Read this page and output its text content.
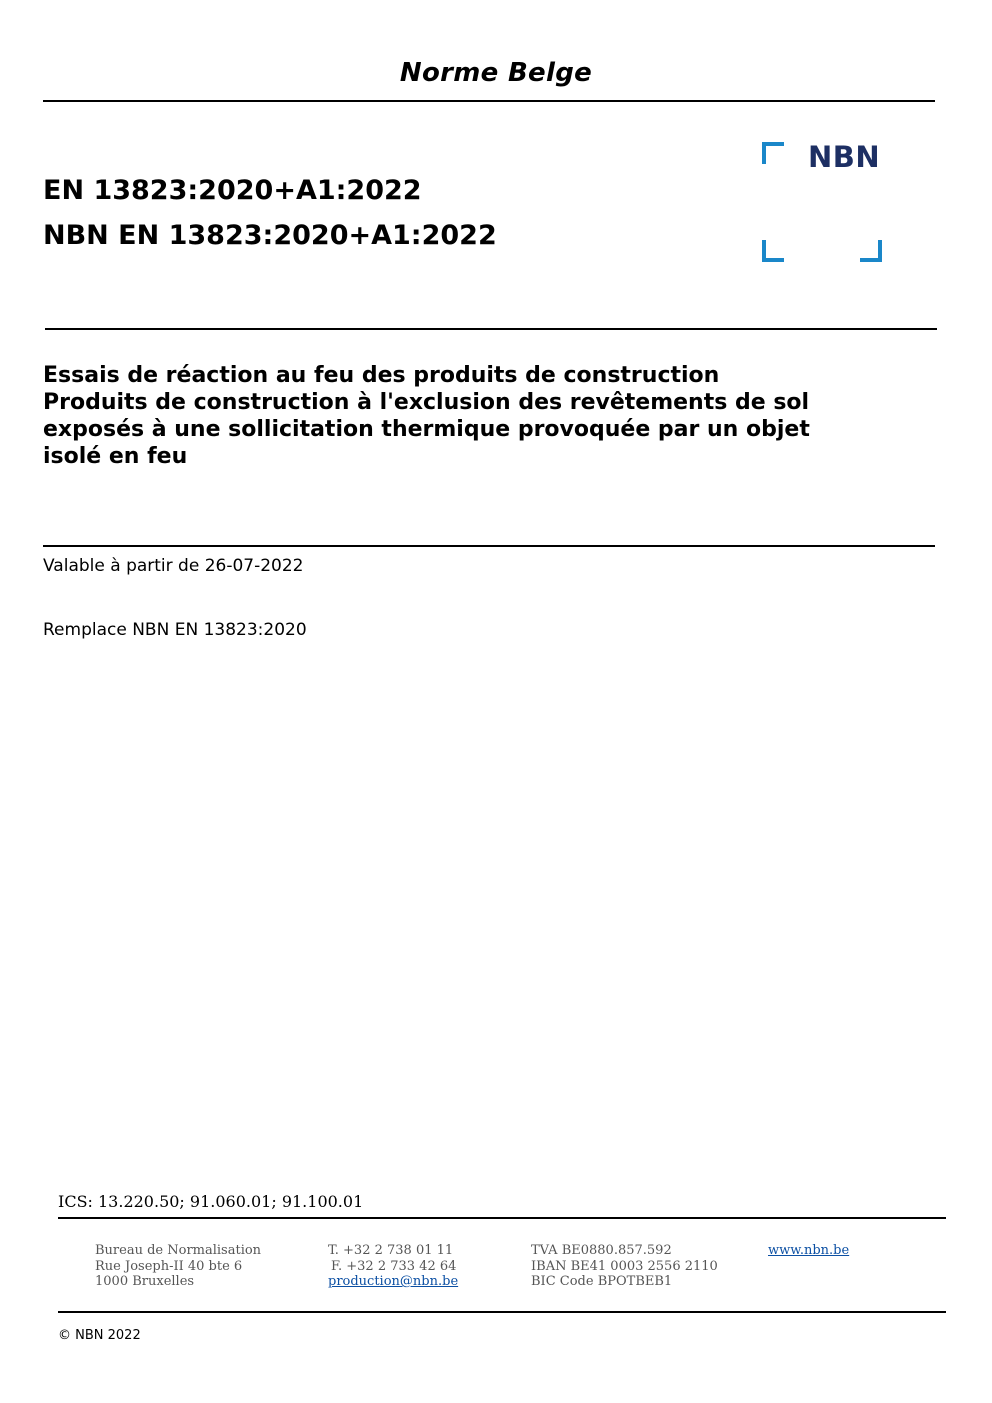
Norme Belge
EN 13823:2020+A1:2022
NBN EN 13823:2020+A1:2022
NBN
Essais de réaction au feu des produits de construction
Produits de construction à l'exclusion des revêtements de sol
exposés à une sollicitation thermique provoquée par un objet
isolé en feu
Valable à partir de 26-07-2022
Remplace NBN EN 13823:2020
ICS: 13.220.50; 91.060.01; 91.100.01
Bureau de Normalisation
Rue Joseph-II 40 bte 6
1000 Bruxelles
T. +32 2 738 01 11
F. +32 2 733 42 64
production@nbn.be
TVA BE0880.857.592
IBAN BE41 0003 2556 2110
BIC Code BPOTBEB1
www.nbn.be
© NBN 2022
